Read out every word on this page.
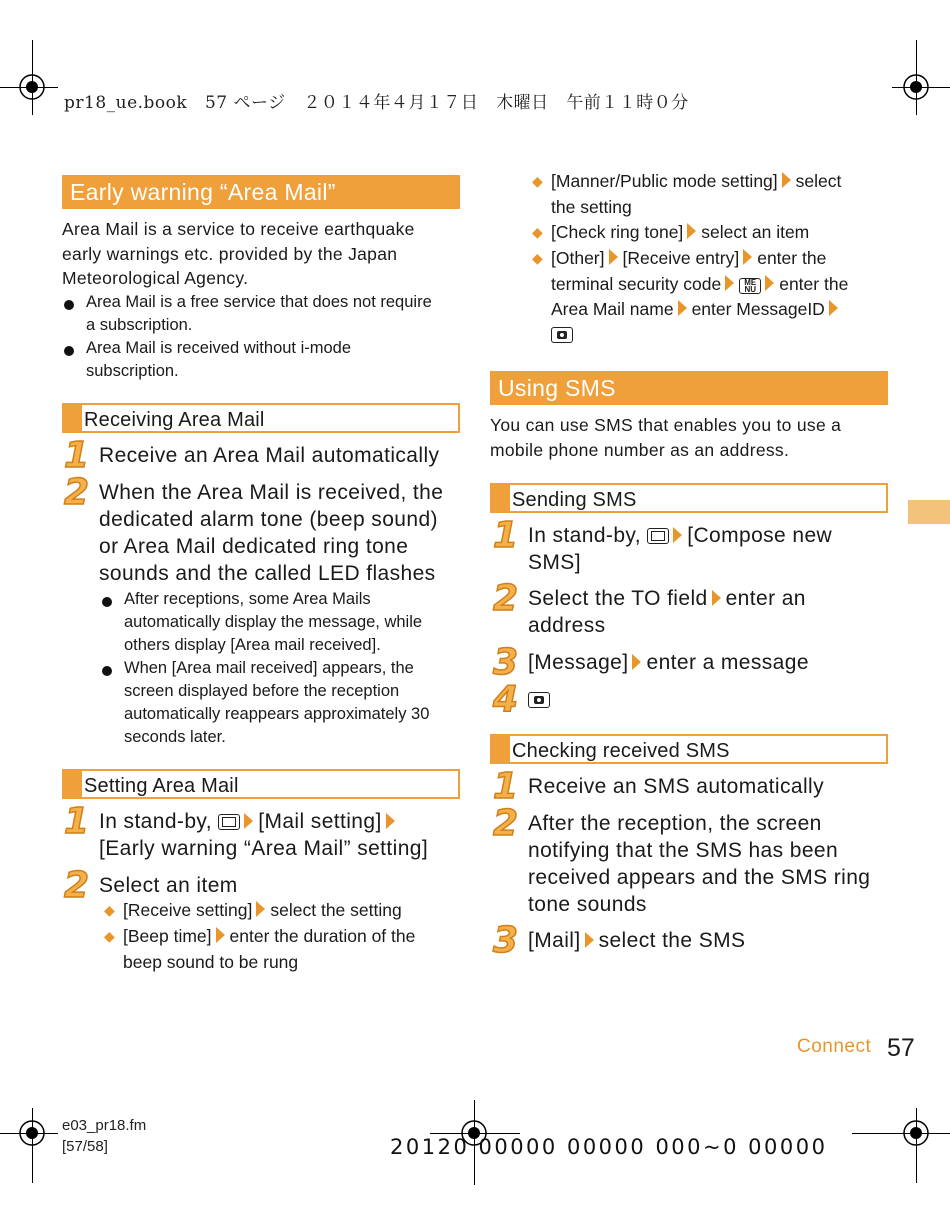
pr18_ue.book 57 ページ ２０１４年４月１７日 木曜日 午前１１時０分
Early warning “Area Mail”
Area Mail is a service to receive earthquake
early warnings etc. provided by the Japan
Meteorological Agency.
Area Mail is a free service that does not require
a subscription.
Area Mail is received without i-mode
subscription.
Receiving Area Mail
1 Receive an Area Mail automatically
2 When the Area Mail is received, the
dedicated alarm tone (beep sound)
or Area Mail dedicated ring tone
sounds and the called LED flashes
After receptions, some Area Mails
automatically display the message, while
others display [Area mail received].
When [Area mail received] appears, the
screen displayed before the reception
automatically reappears approximately 30
seconds later.
Setting Area Mail
1 In stand-by, [Mail setting]
[Early warning “Area Mail” setting]
2 Select an item
◆ [Receive setting] select the setting
◆ [Beep time] enter the duration of the
beep sound to be rung
◆ [Manner/Public mode setting] select
the setting
◆ [Check ring tone] select an item
◆ [Other] [Receive entry] enter the
terminal security code	ME
NU enter the
Area Mail name enter MessageID
Using SMS
You can use SMS that enables you to use a
mobile phone number as an address.
Sending SMS
1 In stand-by, [Compose new
SMS]
2 Select the TO field enter an
address
3 [Message] enter a message
4
Checking received SMS
1 Receive an SMS automatically
2 After the reception, the screen
notifying that the SMS has been
received appears and the SMS ring
tone sounds
3 [Mail] select the SMS
Connect 57
e03_pr18.fm
[57/58]	20120 00000 00000 000~0 00000
